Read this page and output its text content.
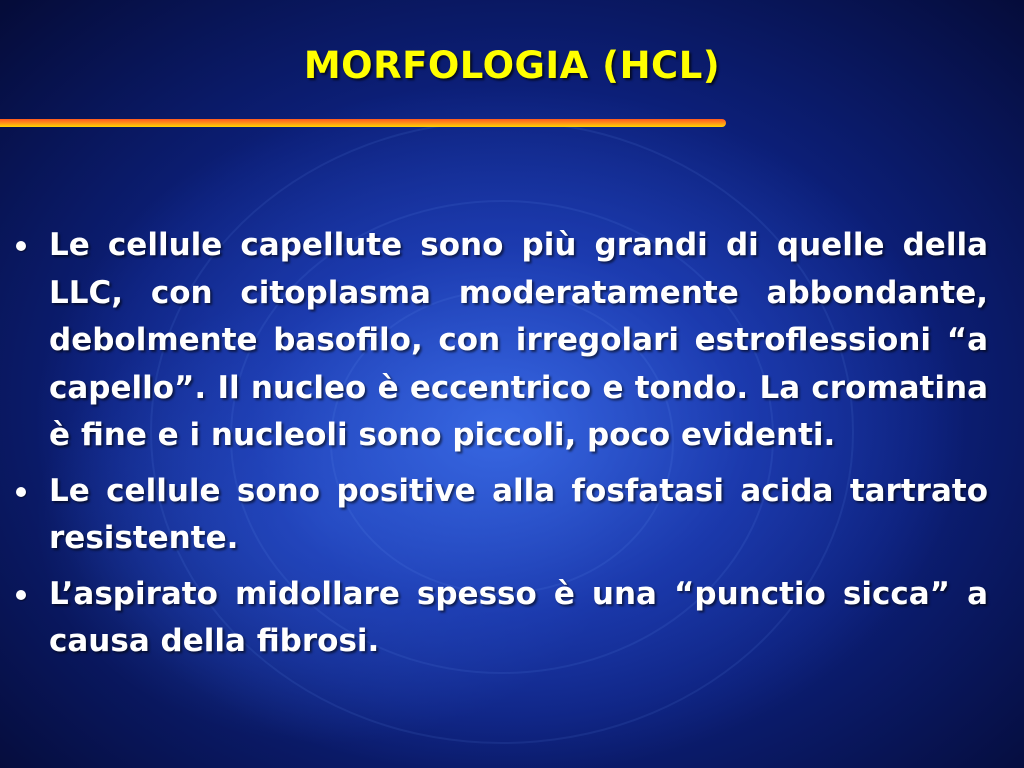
MORFOLOGIA (HCL)
Le cellule capellute sono più grandi di quelle della LLC, con citoplasma moderatamente abbondante, debolmente basofilo, con irregolari estroflessioni “a capello”. Il nucleo è eccentrico e tondo. La cromatina è fine e i nucleoli sono piccoli, poco evidenti.
Le cellule sono positive alla fosfatasi acida tartrato resistente.
L’aspirato midollare spesso è una “punctio sicca” a causa della fibrosi.
